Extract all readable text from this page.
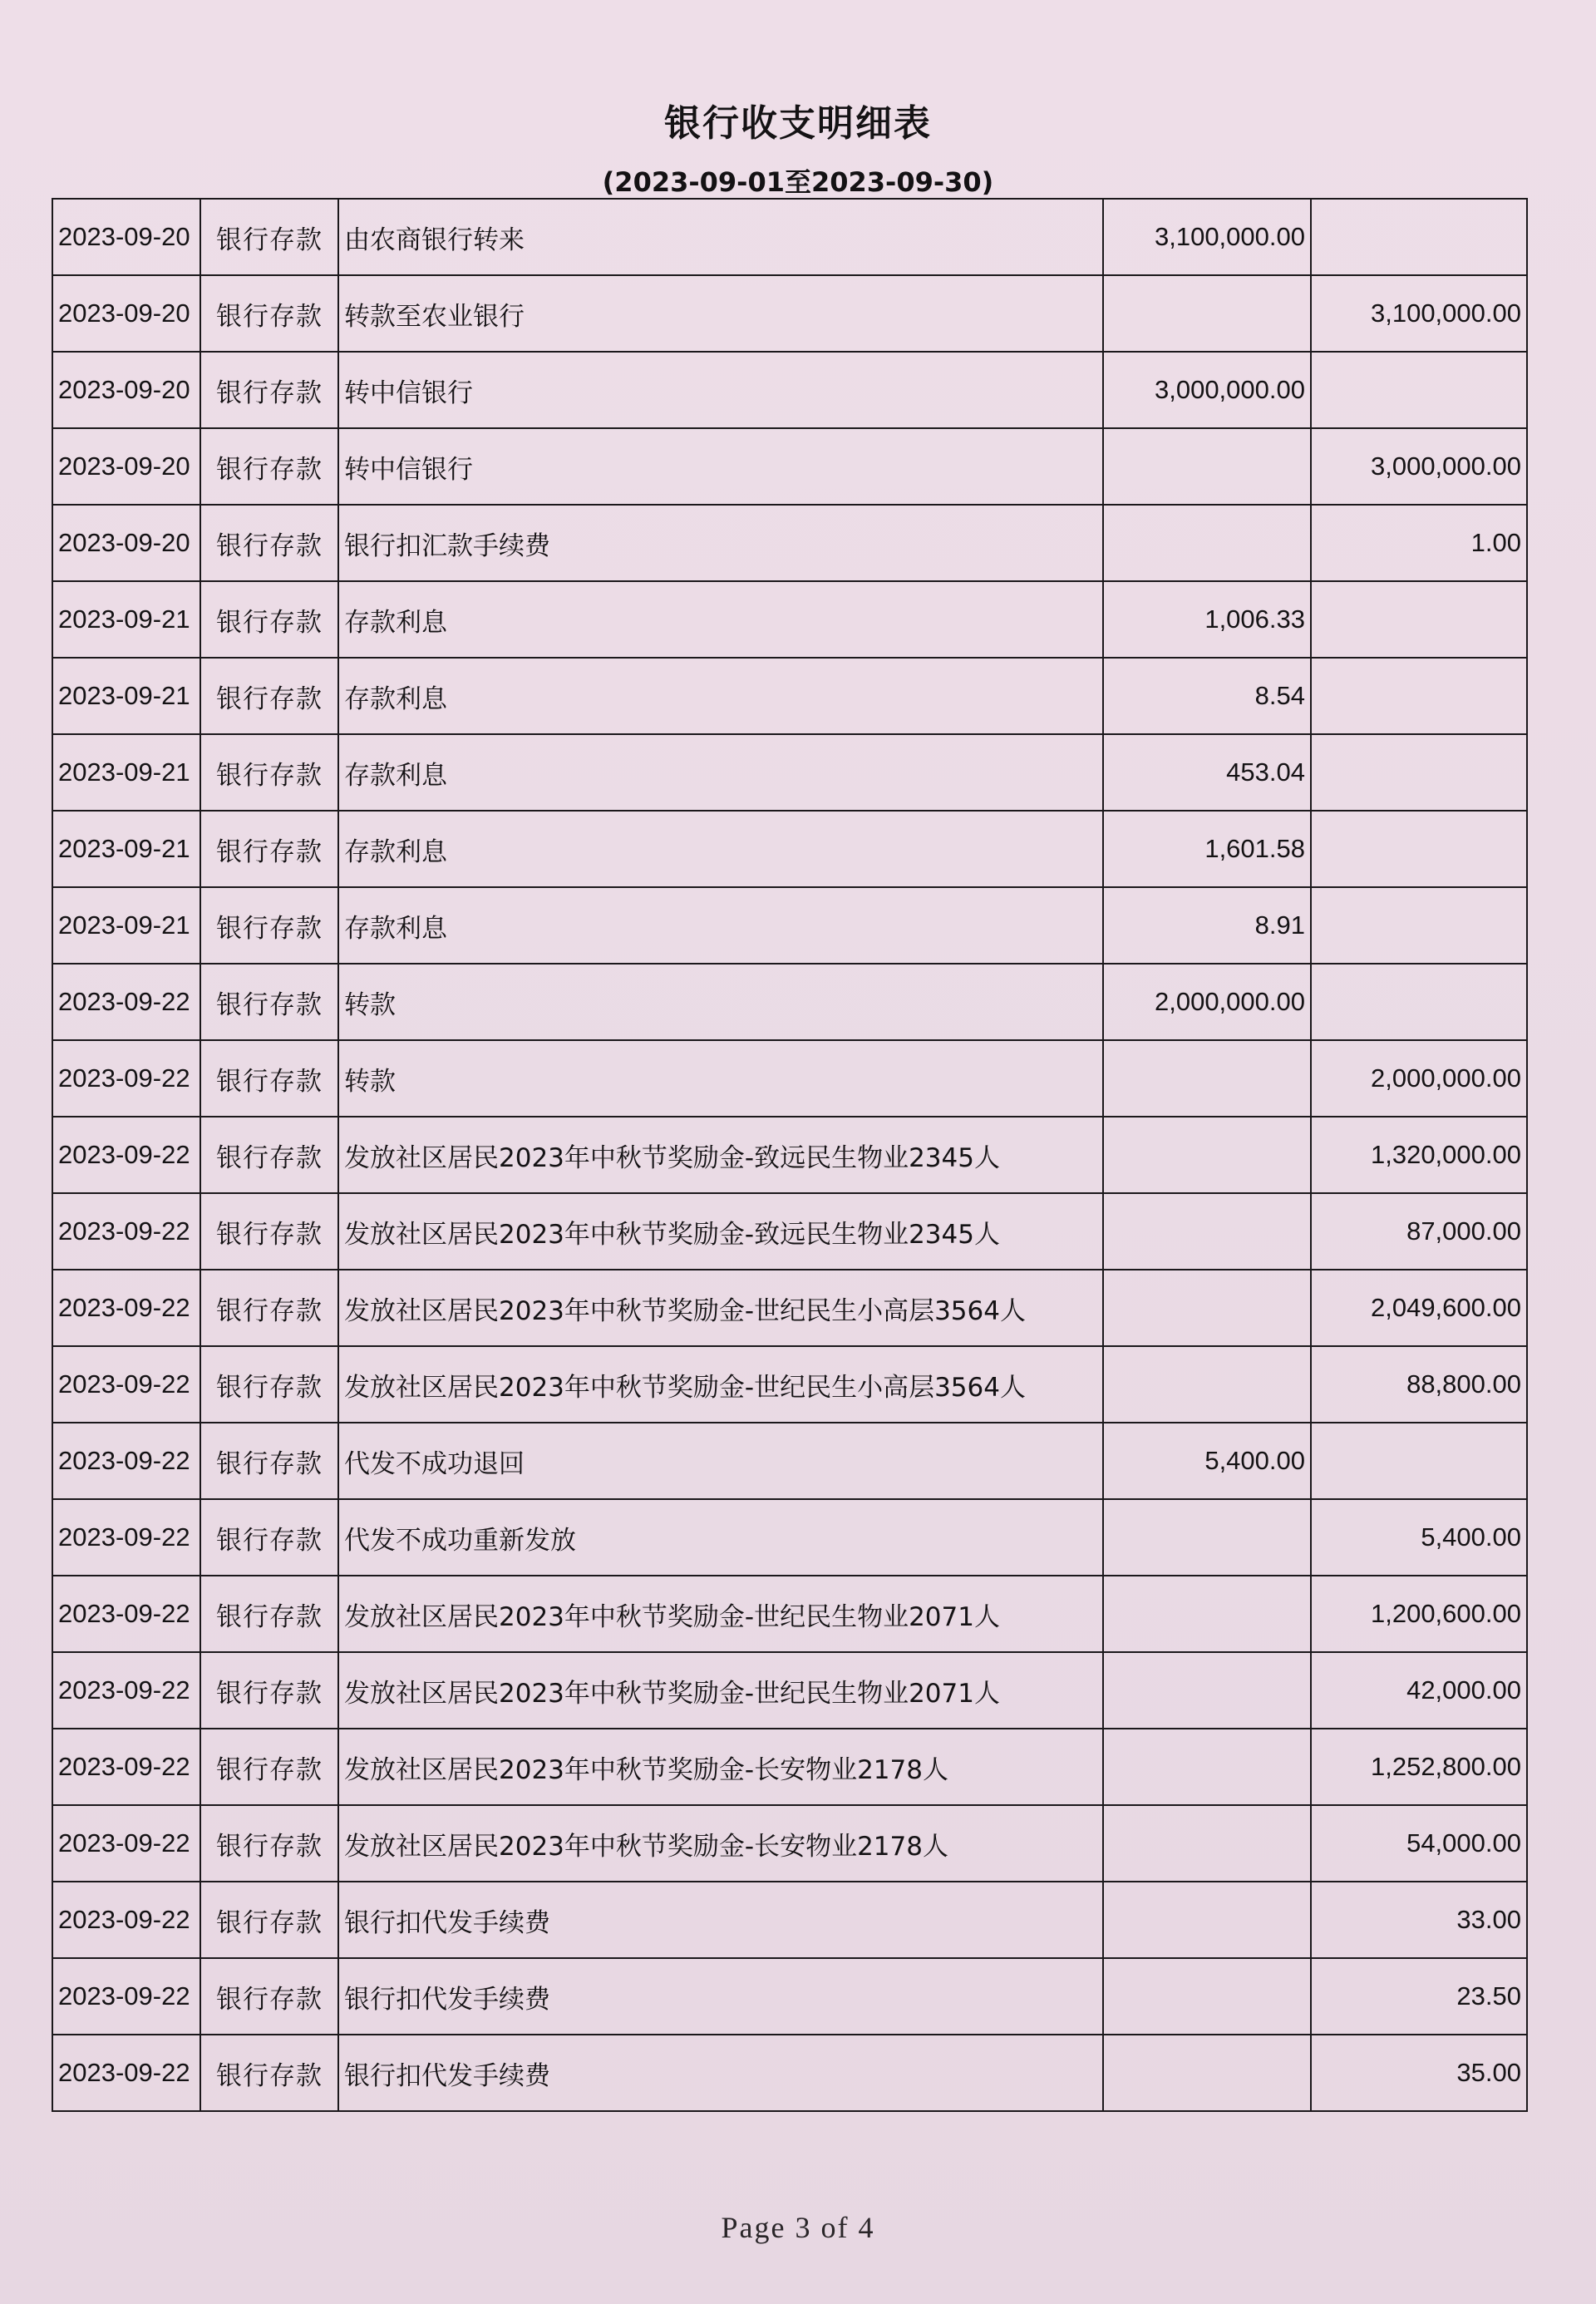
银行收支明细表
(2023-09-01至2023-09-30)
2023-09-20	银行存款	由农商银行转来	3,100,000.00	
2023-09-20	银行存款	转款至农业银行		3,100,000.00
2023-09-20	银行存款	转中信银行	3,000,000.00	
2023-09-20	银行存款	转中信银行		3,000,000.00
2023-09-20	银行存款	银行扣汇款手续费		1.00
2023-09-21	银行存款	存款利息	1,006.33	
2023-09-21	银行存款	存款利息	8.54	
2023-09-21	银行存款	存款利息	453.04	
2023-09-21	银行存款	存款利息	1,601.58	
2023-09-21	银行存款	存款利息	8.91	
2023-09-22	银行存款	转款	2,000,000.00	
2023-09-22	银行存款	转款		2,000,000.00
2023-09-22	银行存款	发放社区居民2023年中秋节奖励金-致远民生物业2345人		1,320,000.00
2023-09-22	银行存款	发放社区居民2023年中秋节奖励金-致远民生物业2345人		87,000.00
2023-09-22	银行存款	发放社区居民2023年中秋节奖励金-世纪民生小高层3564人		2,049,600.00
2023-09-22	银行存款	发放社区居民2023年中秋节奖励金-世纪民生小高层3564人		88,800.00
2023-09-22	银行存款	代发不成功退回	5,400.00	
2023-09-22	银行存款	代发不成功重新发放		5,400.00
2023-09-22	银行存款	发放社区居民2023年中秋节奖励金-世纪民生物业2071人		1,200,600.00
2023-09-22	银行存款	发放社区居民2023年中秋节奖励金-世纪民生物业2071人		42,000.00
2023-09-22	银行存款	发放社区居民2023年中秋节奖励金-长安物业2178人		1,252,800.00
2023-09-22	银行存款	发放社区居民2023年中秋节奖励金-长安物业2178人		54,000.00
2023-09-22	银行存款	银行扣代发手续费		33.00
2023-09-22	银行存款	银行扣代发手续费		23.50
2023-09-22	银行存款	银行扣代发手续费		35.00
Page 3 of 4
